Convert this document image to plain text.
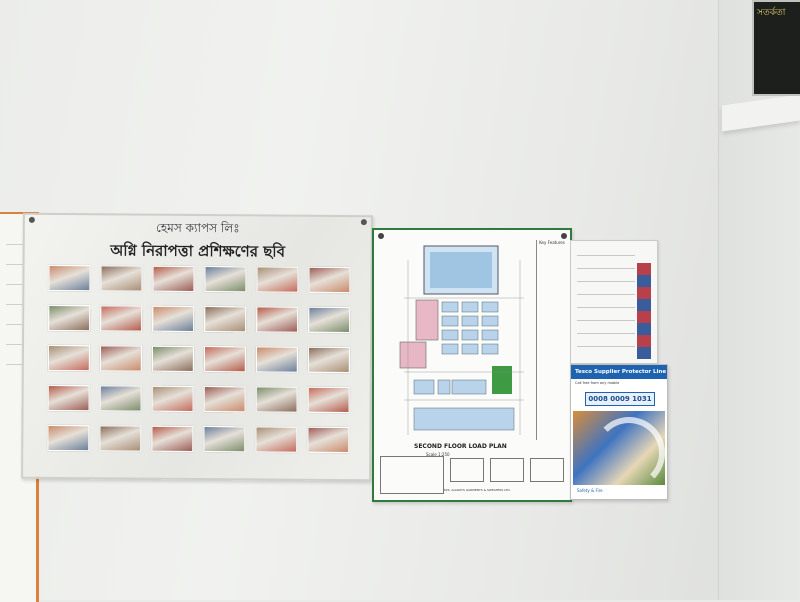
সতর্কতা
হেমস ক্যাপস লিঃ
অগ্নি নিরাপত্তা প্রশিক্ষণের ছবি	Key Features
SECOND FLOOR LOAD PLAN
Scale 1:250
M/S. ALLWAYS GARMENTS & SWEATERS LTD.
Tesco Supplier Protector Line
Call free from any mobile
0008 0009 1031
Safety & Fire
